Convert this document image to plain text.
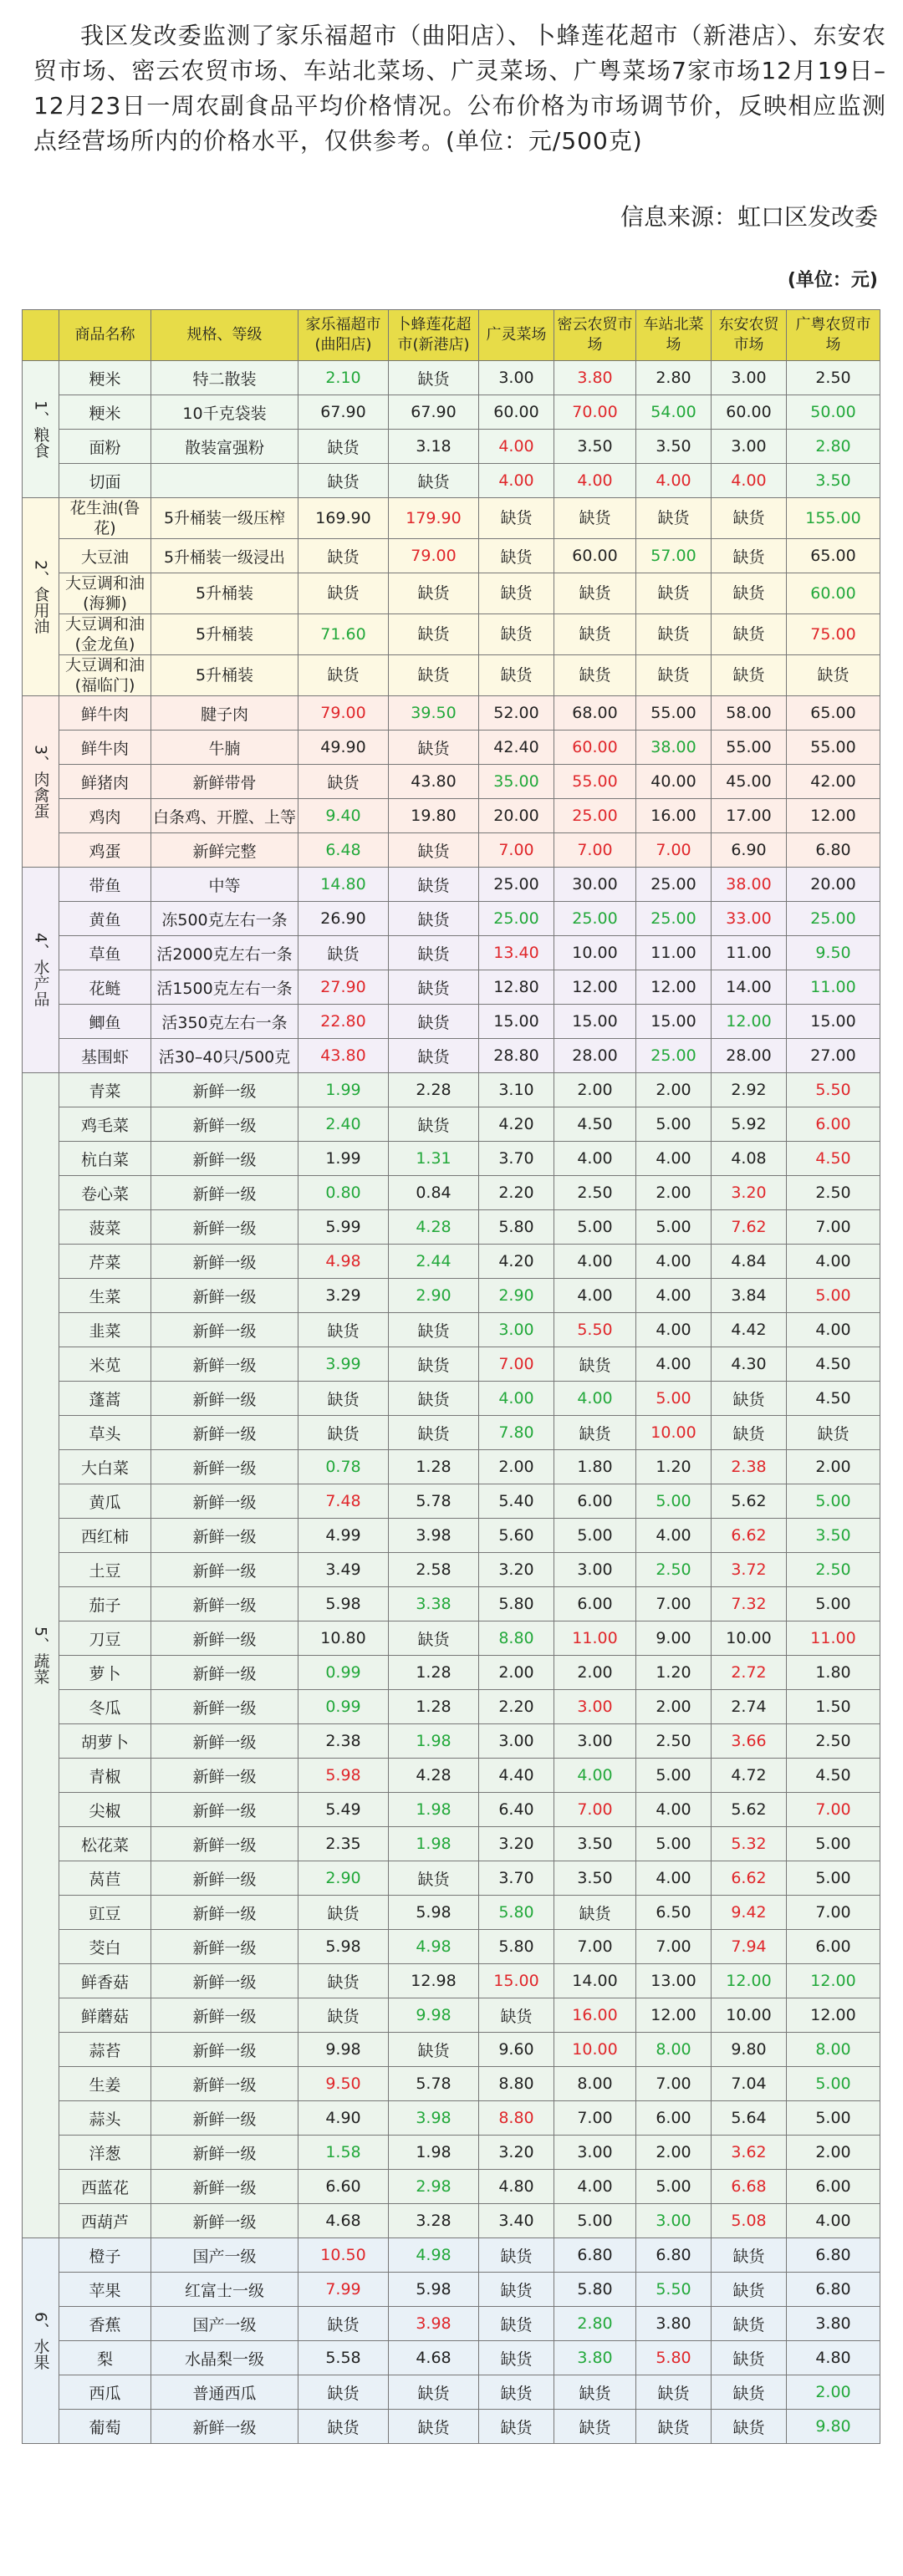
我区发改委监测了家乐福超市（曲阳店）、卜蜂莲花超市（新港店）、东安农贸市场、密云农贸市场、车站北菜场、广灵菜场、广粤菜场7家市场12月19日–12月23日一周农副食品平均价格情况。公布价格为市场调节价，反映相应监测点经营场所内的价格水平，仅供参考。(单位：元/500克)
信息来源：虹口区发改委
(单位：元)
	商品名称	规格、等级	家乐福超市(曲阳店)	卜蜂莲花超市(新港店)	广灵菜场	密云农贸市场	车站北菜场	东安农贸市场	广粤农贸市场
1、粮食	粳米	特二散装	2.10	缺货	3.00	3.80	2.80	3.00	2.50
	粳米	10千克袋装	67.90	67.90	60.00	70.00	54.00	60.00	50.00
	面粉	散装富强粉	缺货	3.18	4.00	3.50	3.50	3.00	2.80
	切面		缺货	缺货	4.00	4.00	4.00	4.00	3.50
2、食用油	花生油(鲁花)	5升桶装一级压榨	169.90	179.90	缺货	缺货	缺货	缺货	155.00
	大豆油	5升桶装一级浸出	缺货	79.00	缺货	60.00	57.00	缺货	65.00
	大豆调和油(海狮)	5升桶装	缺货	缺货	缺货	缺货	缺货	缺货	60.00
	大豆调和油(金龙鱼)	5升桶装	71.60	缺货	缺货	缺货	缺货	缺货	75.00
	大豆调和油(福临门)	5升桶装	缺货	缺货	缺货	缺货	缺货	缺货	缺货
3、肉禽蛋	鲜牛肉	腱子肉	79.00	39.50	52.00	68.00	55.00	58.00	65.00
	鲜牛肉	牛腩	49.90	缺货	42.40	60.00	38.00	55.00	55.00
	鲜猪肉	新鲜带骨	缺货	43.80	35.00	55.00	40.00	45.00	42.00
	鸡肉	白条鸡、开膛、上等	9.40	19.80	20.00	25.00	16.00	17.00	12.00
	鸡蛋	新鲜完整	6.48	缺货	7.00	7.00	7.00	6.90	6.80
4、水产品	带鱼	中等	14.80	缺货	25.00	30.00	25.00	38.00	20.00
	黄鱼	冻500克左右一条	26.90	缺货	25.00	25.00	25.00	33.00	25.00
	草鱼	活2000克左右一条	缺货	缺货	13.40	10.00	11.00	11.00	9.50
	花鲢	活1500克左右一条	27.90	缺货	12.80	12.00	12.00	14.00	11.00
	鲫鱼	活350克左右一条	22.80	缺货	15.00	15.00	15.00	12.00	15.00
	基围虾	活30–40只/500克	43.80	缺货	28.80	28.00	25.00	28.00	27.00
5、蔬菜	青菜	新鲜一级	1.99	2.28	3.10	2.00	2.00	2.92	5.50
	鸡毛菜	新鲜一级	2.40	缺货	4.20	4.50	5.00	5.92	6.00
	杭白菜	新鲜一级	1.99	1.31	3.70	4.00	4.00	4.08	4.50
	卷心菜	新鲜一级	0.80	0.84	2.20	2.50	2.00	3.20	2.50
	菠菜	新鲜一级	5.99	4.28	5.80	5.00	5.00	7.62	7.00
	芹菜	新鲜一级	4.98	2.44	4.20	4.00	4.00	4.84	4.00
	生菜	新鲜一级	3.29	2.90	2.90	4.00	4.00	3.84	5.00
	韭菜	新鲜一级	缺货	缺货	3.00	5.50	4.00	4.42	4.00
	米苋	新鲜一级	3.99	缺货	7.00	缺货	4.00	4.30	4.50
	蓬蒿	新鲜一级	缺货	缺货	4.00	4.00	5.00	缺货	4.50
	草头	新鲜一级	缺货	缺货	7.80	缺货	10.00	缺货	缺货
	大白菜	新鲜一级	0.78	1.28	2.00	1.80	1.20	2.38	2.00
	黄瓜	新鲜一级	7.48	5.78	5.40	6.00	5.00	5.62	5.00
	西红柿	新鲜一级	4.99	3.98	5.60	5.00	4.00	6.62	3.50
	土豆	新鲜一级	3.49	2.58	3.20	3.00	2.50	3.72	2.50
	茄子	新鲜一级	5.98	3.38	5.80	6.00	7.00	7.32	5.00
	刀豆	新鲜一级	10.80	缺货	8.80	11.00	9.00	10.00	11.00
	萝卜	新鲜一级	0.99	1.28	2.00	2.00	1.20	2.72	1.80
	冬瓜	新鲜一级	0.99	1.28	2.20	3.00	2.00	2.74	1.50
	胡萝卜	新鲜一级	2.38	1.98	3.00	3.00	2.50	3.66	2.50
	青椒	新鲜一级	5.98	4.28	4.40	4.00	5.00	4.72	4.50
	尖椒	新鲜一级	5.49	1.98	6.40	7.00	4.00	5.62	7.00
	松花菜	新鲜一级	2.35	1.98	3.20	3.50	5.00	5.32	5.00
	莴苣	新鲜一级	2.90	缺货	3.70	3.50	4.00	6.62	5.00
	豇豆	新鲜一级	缺货	5.98	5.80	缺货	6.50	9.42	7.00
	茭白	新鲜一级	5.98	4.98	5.80	7.00	7.00	7.94	6.00
	鲜香菇	新鲜一级	缺货	12.98	15.00	14.00	13.00	12.00	12.00
	鲜蘑菇	新鲜一级	缺货	9.98	缺货	16.00	12.00	10.00	12.00
	蒜苔	新鲜一级	9.98	缺货	9.60	10.00	8.00	9.80	8.00
	生姜	新鲜一级	9.50	5.78	8.80	8.00	7.00	7.04	5.00
	蒜头	新鲜一级	4.90	3.98	8.80	7.00	6.00	5.64	5.00
	洋葱	新鲜一级	1.58	1.98	3.20	3.00	2.00	3.62	2.00
	西蓝花	新鲜一级	6.60	2.98	4.80	4.00	5.00	6.68	6.00
	西葫芦	新鲜一级	4.68	3.28	3.40	5.00	3.00	5.08	4.00
6、水果	橙子	国产一级	10.50	4.98	缺货	6.80	6.80	缺货	6.80
	苹果	红富士一级	7.99	5.98	缺货	5.80	5.50	缺货	6.80
	香蕉	国产一级	缺货	3.98	缺货	2.80	3.80	缺货	3.80
	梨	水晶梨一级	5.58	4.68	缺货	3.80	5.80	缺货	4.80
	西瓜	普通西瓜	缺货	缺货	缺货	缺货	缺货	缺货	2.00
	葡萄	新鲜一级	缺货	缺货	缺货	缺货	缺货	缺货	9.80
